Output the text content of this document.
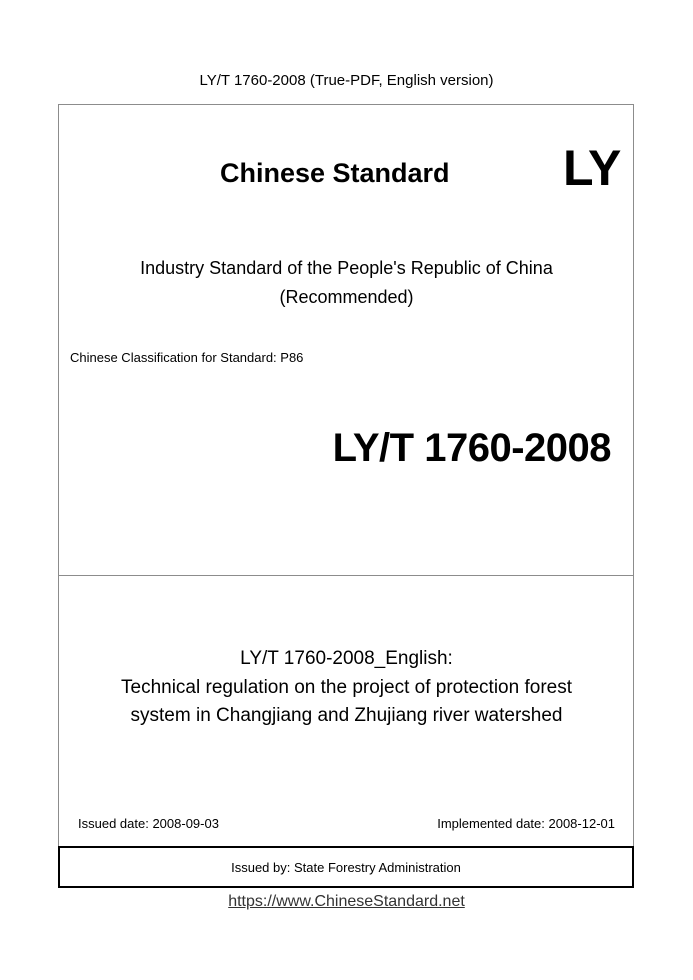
LY/T 1760-2008 (True-PDF, English version)
Issued by: State Forestry Administration
Chinese Standard LY
Industry Standard of the People's Republic of China
(Recommended)
Chinese Classification for Standard: P86
LY/T 1760-2008
LY/T 1760-2008_English:
Technical regulation on the project of protection forest
system in Changjiang and Zhujiang river watershed
Issued date: 2008-09-03	Implemented date: 2008-12-01
https://www.ChineseStandard.net
